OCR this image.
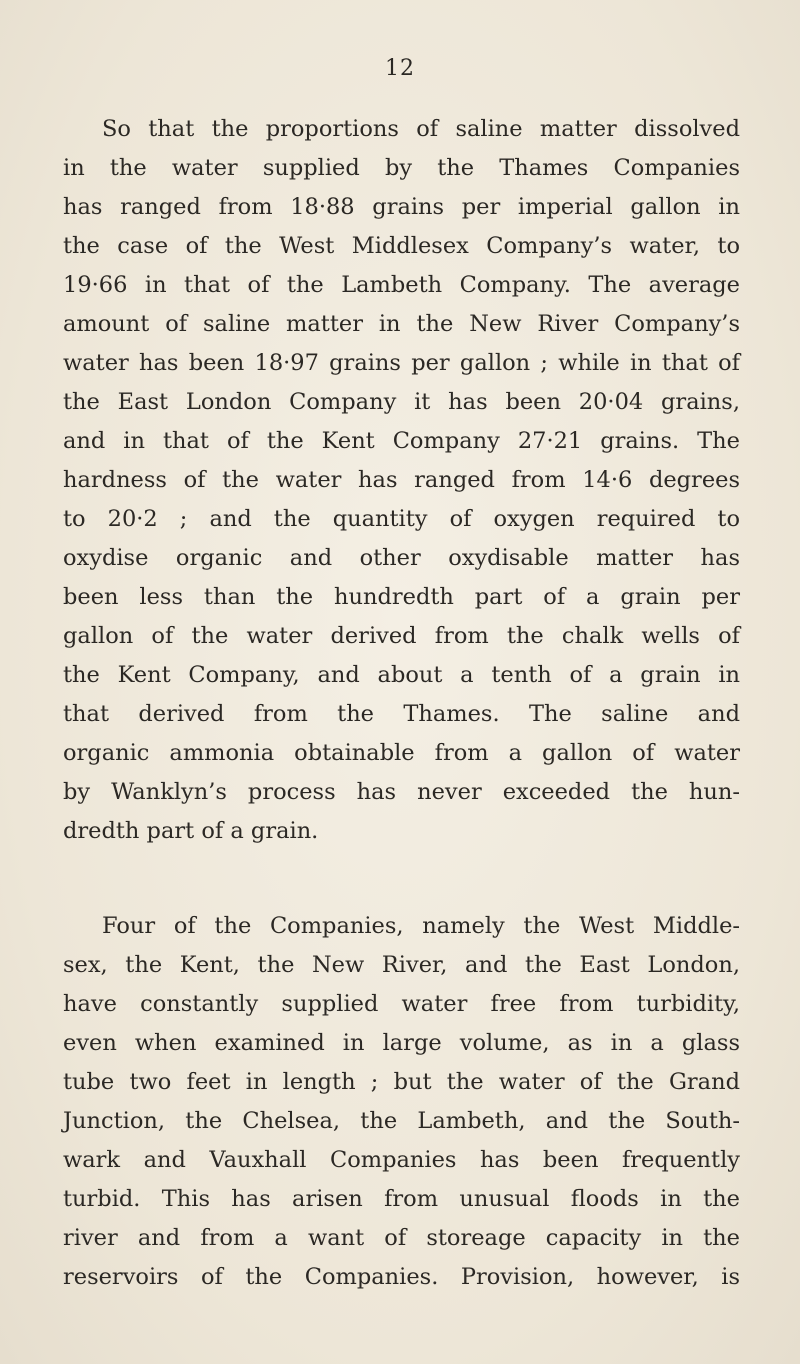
12
So that the proportions of saline matter dissolved
in the water supplied by the Thames Companies
has ranged from 18·88 grains per imperial gallon in
the case of the West Middlesex Company’s water, to
19·66 in that of the Lambeth Company. The average
amount of saline matter in the New River Company’s
water has been 18·97 grains per gallon ; while in that of
the East London Company it has been 20·04 grains,
and in that of the Kent Company 27·21 grains. The
hardness of the water has ranged from 14·6 degrees
to 20·2 ; and the quantity of oxygen required to
oxydise organic and other oxydisable matter has
been less than the hundredth part of a grain per
gallon of the water derived from the chalk wells of
the Kent Company, and about a tenth of a grain in
that derived from the Thames. The saline and
organic ammonia obtainable from a gallon of water
by Wanklyn’s process has never exceeded the hun-
dredth part of a grain.
Four of the Companies, namely the West Middle-
sex, the Kent, the New River, and the East London,
have constantly supplied water free from turbidity,
even when examined in large volume, as in a glass
tube two feet in length ; but the water of the Grand
Junction, the Chelsea, the Lambeth, and the South-
wark and Vauxhall Companies has been frequently
turbid. This has arisen from unusual floods in the
river and from a want of storeage capacity in the
reservoirs of the Companies. Provision, however, is
